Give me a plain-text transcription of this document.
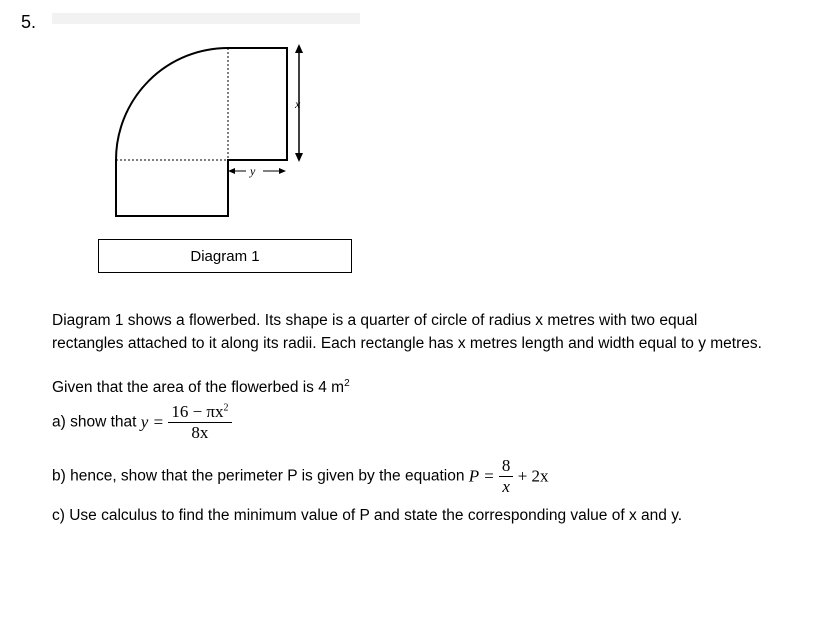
5.
x
y
Diagram 1
Diagram 1 shows a flowerbed. Its shape is a quarter of circle of radius x metres with two equal rectangles attached to it along its radii. Each rectangle has x metres length and width equal to y metres.
Given that the area of the flowerbed is 4 $m^2$
a) show that $y = \frac{16 - \pi x^2}{8x}$
b) hence, show that the perimeter P is given by the equation $P = \frac{8}{x} + 2x$
c) Use calculus to find the minimum value of P and state the corresponding value of x and y.
